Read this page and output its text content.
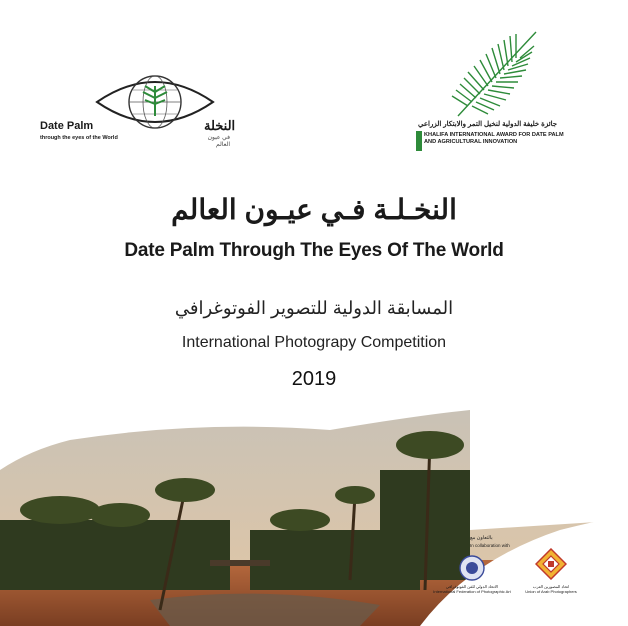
Date Palm
through the eyes of the World
النخلة
في عيون العالم
جائزة خليفة الدولية لنخيل التمر والابتكار الزراعي
KHALIFA INTERNATIONAL AWARD FOR DATE PALM
AND AGRICULTURAL INNOVATION
النخـلـة فـي عيـون العالم
Date Palm Through The Eyes Of The World
المسابقة الدولية للتصوير الفوتوغرافي
International Photograpy Competition
2019
بالتعاون مع
In collaboration with
الاتحاد الدولي للفن الفوتوغرافي
International Federation of Photographic Art
اتحاد المصورين العرب
Union of Arab Photographers
